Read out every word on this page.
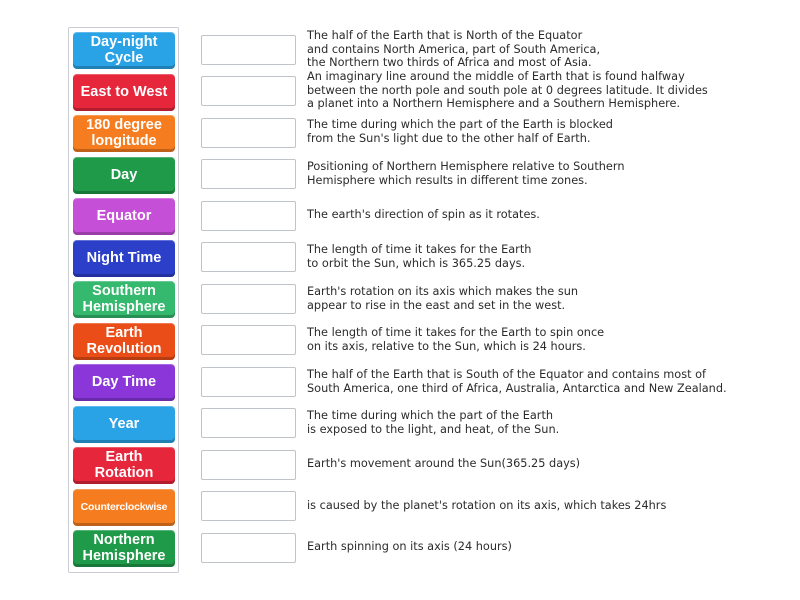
Day-night Cycle
East to West
180 degree longitude
Day
Equator
Night Time
Southern Hemisphere
Earth Revolution
Day Time
Year
Earth Rotation
Counterclockwise
Northern Hemisphere
The half of the Earth that is North of the Equator
and contains North America, part of South America,
the Northern two thirds of Africa and most of Asia.
An imaginary line around the middle of Earth that is found halfway
between the north pole and south pole at 0 degrees latitude. It divides
a planet into a Northern Hemisphere and a Southern Hemisphere.
The time during which the part of the Earth is blocked
from the Sun's light due to the other half of Earth.
Positioning of Northern Hemisphere relative to Southern
Hemisphere which results in different time zones.
The earth's direction of spin as it rotates.
The length of time it takes for the Earth
to orbit the Sun, which is 365.25 days.
Earth's rotation on its axis which makes the sun
appear to rise in the east and set in the west.
The length of time it takes for the Earth to spin once
on its axis, relative to the Sun, which is 24 hours.
The half of the Earth that is South of the Equator and contains most of
South America, one third of Africa, Australia, Antarctica and New Zealand.
The time during which the part of the Earth
is exposed to the light, and heat, of the Sun.
Earth's movement around the Sun(365.25 days)
is caused by the planet's rotation on its axis, which takes 24hrs
Earth spinning on its axis (24 hours)
